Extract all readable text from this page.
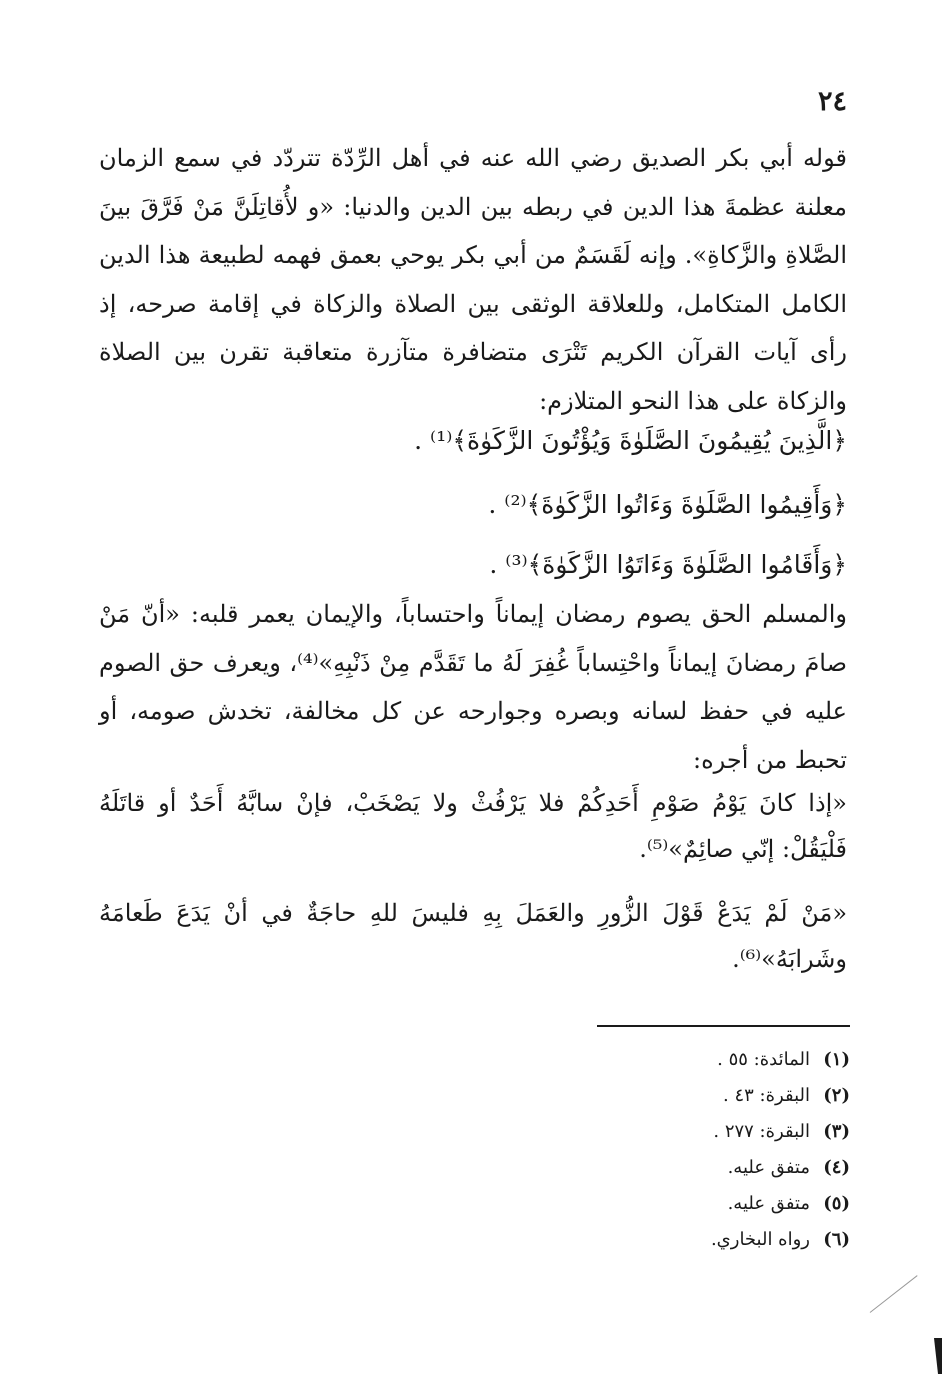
٢٤
قوله أبي بكر الصديق رضي الله عنه في أهل الرِّدّة تتردّد في سمع الزمان معلنة عظمةَ هذا الدين في ربطه بين الدين والدنيا: «و لأُقاتِلَنَّ مَنْ فَرَّقَ بينَ الصَّلاةِ والزَّكاةِ». وإنه لَقَسَمٌ من أبي بكر يوحي بعمق فهمه لطبيعة هذا الدين الكامل المتكامل، وللعلاقة الوثقى بين الصلاة والزكاة في إقامة صرحه، إذ رأى آيات القرآن الكريم تَتْرَى متضافرة متآزرة متعاقبة تقرن بين الصلاة والزكاة على هذا النحو المتلازم:
﴿الَّذِينَ يُقِيمُونَ الصَّلَوٰةَ وَيُؤْتُونَ الزَّكَوٰةَ﴾⁽¹⁾ .
﴿وَأَقِيمُوا الصَّلَوٰةَ وَءَاتُوا الزَّكَوٰةَ﴾⁽²⁾ .
﴿وَأَقَامُوا الصَّلَوٰةَ وَءَاتَوُا الزَّكَوٰةَ﴾⁽³⁾ .
والمسلم الحق يصوم رمضان إيماناً واحتساباً، والإيمان يعمر قلبه: «أنّ مَنْ صامَ رمضانَ إيماناً واحْتِساباً غُفِرَ لَهُ ما تَقَدَّم مِنْ ذَنْبِهِ»⁽⁴⁾، ويعرف حق الصوم عليه في حفظ لسانه وبصره وجوارحه عن كل مخالفة، تخدش صومه، أو تحبط من أجره:
«إذا كانَ يَوْمُ صَوْمِ أَحَدِكُمْ فلا يَرْفُثْ ولا يَصْخَبْ، فإنْ سابَّهُ أَحَدٌ أو قاتَلَهُ فَلْيَقُلْ: إنّي صائِمٌ»⁽⁵⁾.
«مَنْ لَمْ يَدَعْ قَوْلَ الزُّورِ والعَمَلَ بِهِ فليسَ للهِ حاجَةٌ في أنْ يَدَعَ طَعامَهُ وشَرابَهُ»⁽⁶⁾.
(١)
المائدة: ٥٥ .
(٢)
البقرة: ٤٣ .
(٣)
البقرة: ٢٧٧ .
(٤)
متفق عليه.
(٥)
متفق عليه.
(٦)
رواه البخاري.
